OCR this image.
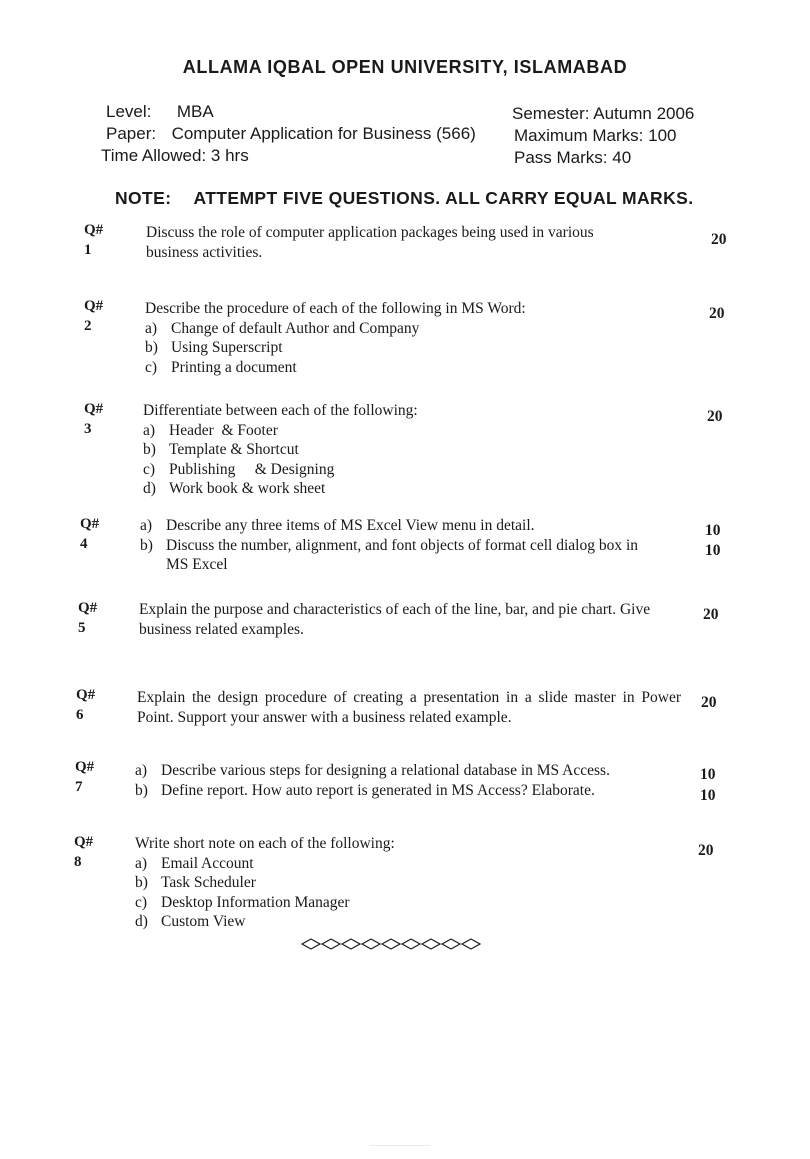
ALLAMA IQBAL OPEN UNIVERSITY, ISLAMABAD
Level: MBA
Paper: Computer Application for Business (566)
Time Allowed: 3 hrs
Semester: Autumn 2006
Maximum Marks: 100
Pass Marks: 40
NOTE: ATTEMPT FIVE QUESTIONS. ALL CARRY EQUAL MARKS.
Q# 1
Discuss the role of computer application packages being used in various business activities.
20
Q# 2
Describe the procedure of each of the following in MS Word:
a) Change of default Author and Company
b) Using Superscript
c) Printing a document
20
Q# 3
Differentiate between each of the following:
a) Header  & Footer
b) Template & Shortcut
c) Publishing     & Designing
d) Work book & work sheet
20
Q# 4
a) Describe any three items of MS Excel View menu in detail.
b) Discuss the number, alignment, and font objects of format cell dialog box in MS Excel
10
10
Q# 5
Explain the purpose and characteristics of each of the line, bar, and pie chart. Give business related examples.
20
Q# 6
Explain the design procedure of creating a presentation in a slide master in Power Point. Support your answer with a business related example.
20
Q# 7
a) Describe various steps for designing a relational database in MS Access.
b) Define report. How auto report is generated in MS Access? Elaborate.
10
10
Q# 8
Write short note on each of the following:
a) Email Account
b) Task Scheduler
c) Desktop Information Manager
d) Custom View
20
